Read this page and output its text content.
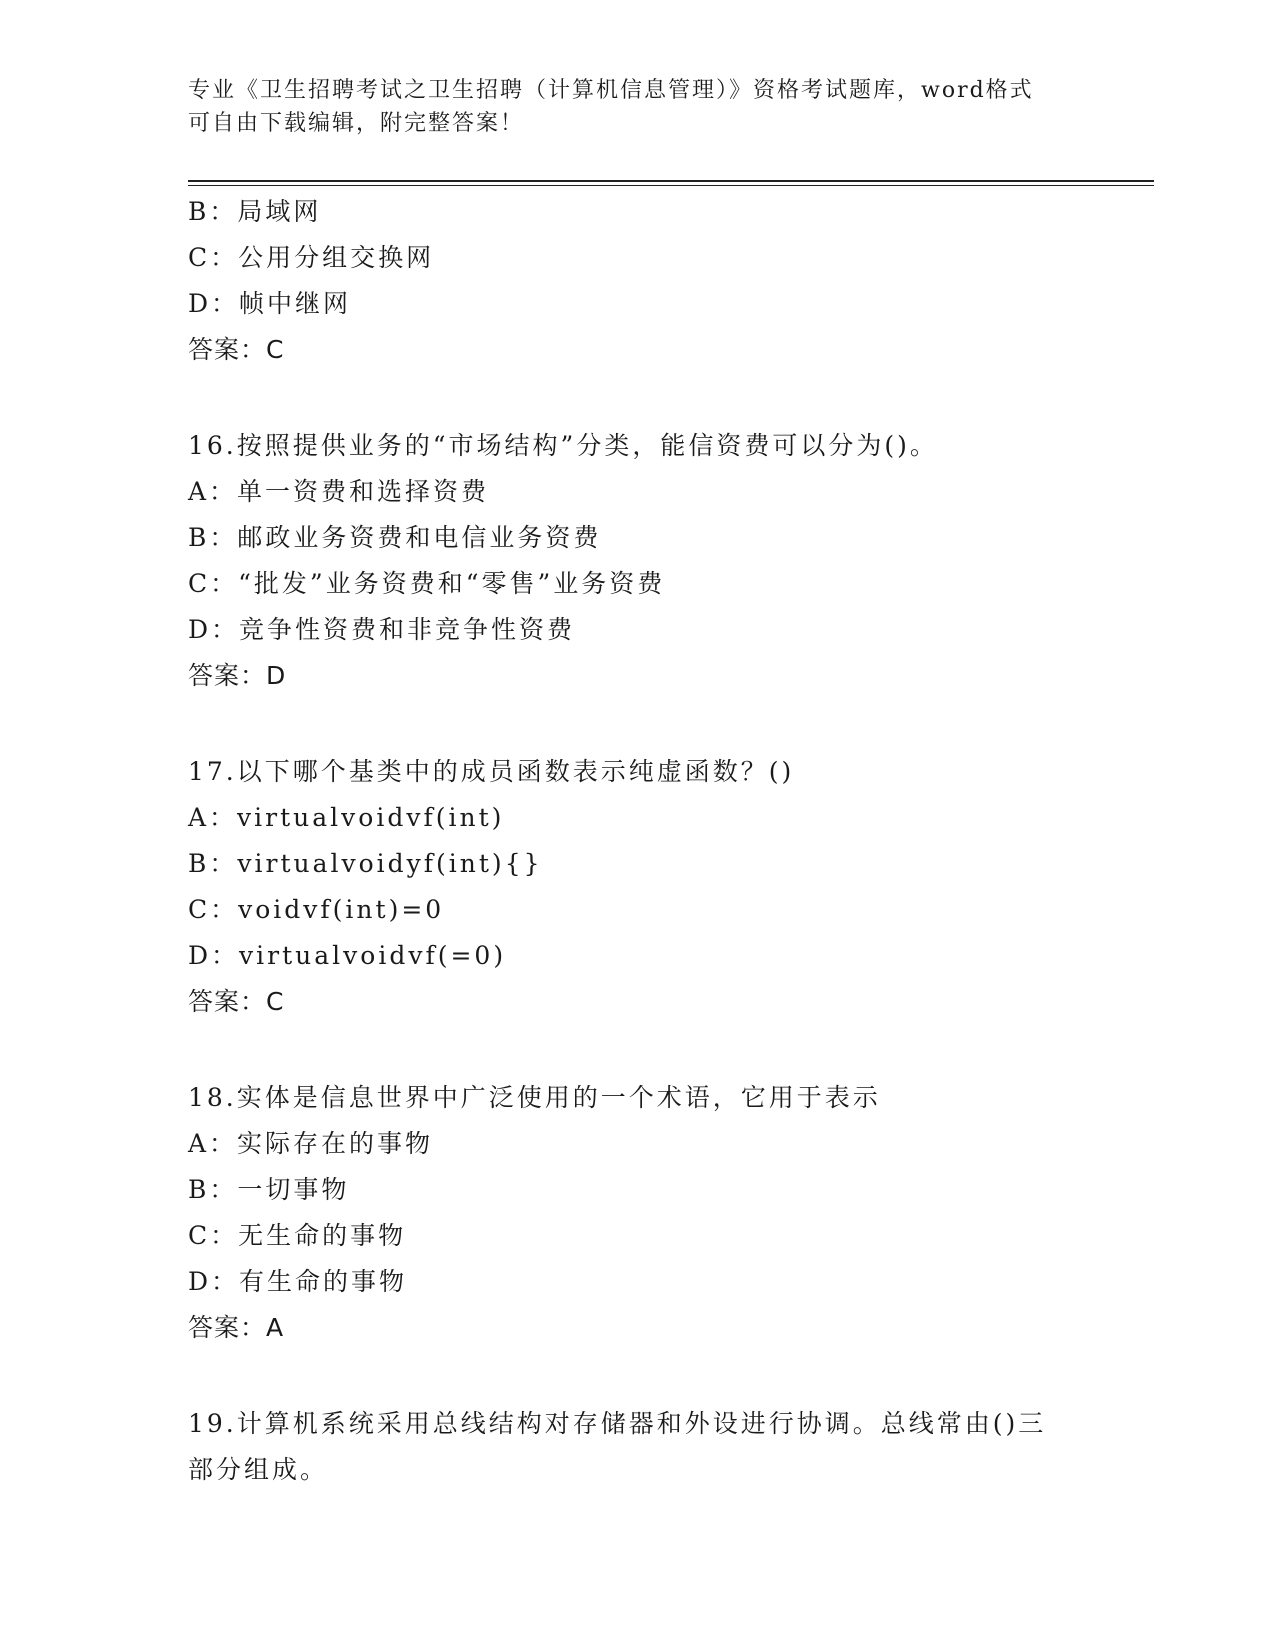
专业《卫生招聘考试之卫生招聘（计算机信息管理）》资格考试题库，word格式
可自由下载编辑，附完整答案！
B：局域网
C：公用分组交换网
D：帧中继网
答案：C
16.按照提供业务的“市场结构”分类，能信资费可以分为()。
A：单一资费和选择资费
B：邮政业务资费和电信业务资费
C：“批发”业务资费和“零售”业务资费
D：竞争性资费和非竞争性资费
答案：D
17.以下哪个基类中的成员函数表示纯虚函数？()
A：virtualvoidvf(int)
B：virtualvoidyf(int){}
C：voidvf(int)=0
D：virtualvoidvf(=0)
答案：C
18.实体是信息世界中广泛使用的一个术语，它用于表示
A：实际存在的事物
B：一切事物
C：无生命的事物
D：有生命的事物
答案：A
19.计算机系统采用总线结构对存储器和外设进行协调。总线常由()三
部分组成。
